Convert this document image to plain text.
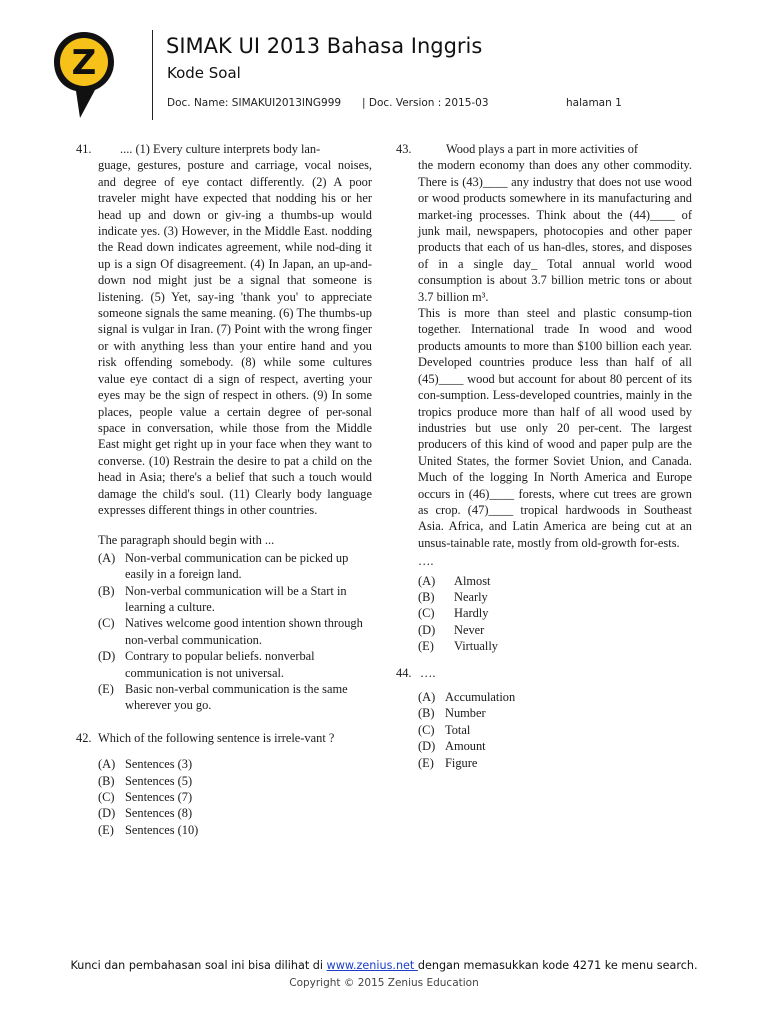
Z	SIMAK UI 2013 Bahasa Inggris
Kode Soal
Doc. Name: SIMAKUI2013ING999 | Doc. Version : 2015-03	halaman 1
41.	.... (1) Every culture interprets body lan-
guage, gestures, posture and carriage, vocal noises, and degree of eye contact differently. (2) A poor traveler might have expected that nodding his or her head up and down or giv-ing a thumbs-up would indicate yes. (3) However, in the Middle East. nodding the Read down indicates agreement, while nod-ding it up is a sign Of disagreement. (4) In Japan, an up-and-down nod might just be a signal that someone is listening. (5) Yet, say-ing 'thank you' to appreciate someone signals the same meaning. (6) The thumbs-up signal is vulgar in Iran. (7) Point with the wrong finger or with anything less than your entire hand and you risk offending somebody. (8) while some cultures value eye contact di a sign of respect, averting your eyes may be the sign of respect in others. (9) In some places, people value a certain degree of per-sonal space in conversation, while those from the Middle East might get right up in your face when they want to converse. (10) Restrain the desire to pat a child on the head in Asia; there's a belief that such a touch would damage the child's soul. (11) Clearly body language expresses different things in other countries.
The paragraph should begin with ...
(A) Non-verbal communication can be picked up easily in a foreign land.
(B) Non-verbal communication will be a Start in learning a culture.
(C) Natives welcome good intention shown through non-verbal communication.
(D) Contrary to popular beliefs. nonverbal communication is not universal.
(E) Basic non-verbal communication is the same wherever you go.
42. Which of the following sentence is irrele-vant ?
(A) Sentences (3)
(B) Sentences (5)
(C) Sentences (7)
(D) Sentences (8)
(E) Sentences (10)
43.	Wood plays a part in more activities of
the modern economy than does any other commodity. There is (43)____ any industry that does not use wood or wood products somewhere in its manufacturing and market-ing processes. Think about the (44)____ of junk mail, newspapers, photocopies and other paper products that each of us han-dles, stores, and disposes of in a single day_ Total annual world wood consumption is about 3.7 billion metric tons or about 3.7 billion m³.
This is more than steel and plastic consump-tion together. International trade In wood and wood products amounts to more than $100 billion each year. Developed countries produce less than half of all (45)____ wood but account for about 80 percent of its con-sumption. Less-developed countries, mainly in the tropics produce more than half of all wood used by industries but use only 20 per-cent. The largest producers of this kind of wood and paper pulp are the United States, the former Soviet Union, and Canada. Much of the logging In North America and Europe occurs in (46)____ forests, where cut trees are grown as crop. (47)____ tropical hardwoods in Southeast Asia. Africa, and Latin America are being cut at an unsus-tainable rate, mostly from old-growth for-ests.
….
(A)	Almost
(B)	Nearly
(C)	Hardly
(D)	Never
(E)	Virtually
44. ….
(A) Accumulation
(B) Number
(C) Total
(D) Amount
(E) Figure
Kunci dan pembahasan soal ini bisa dilihat di www.zenius.net dengan memasukkan kode 4271 ke menu search.
Copyright © 2015 Zenius Education
